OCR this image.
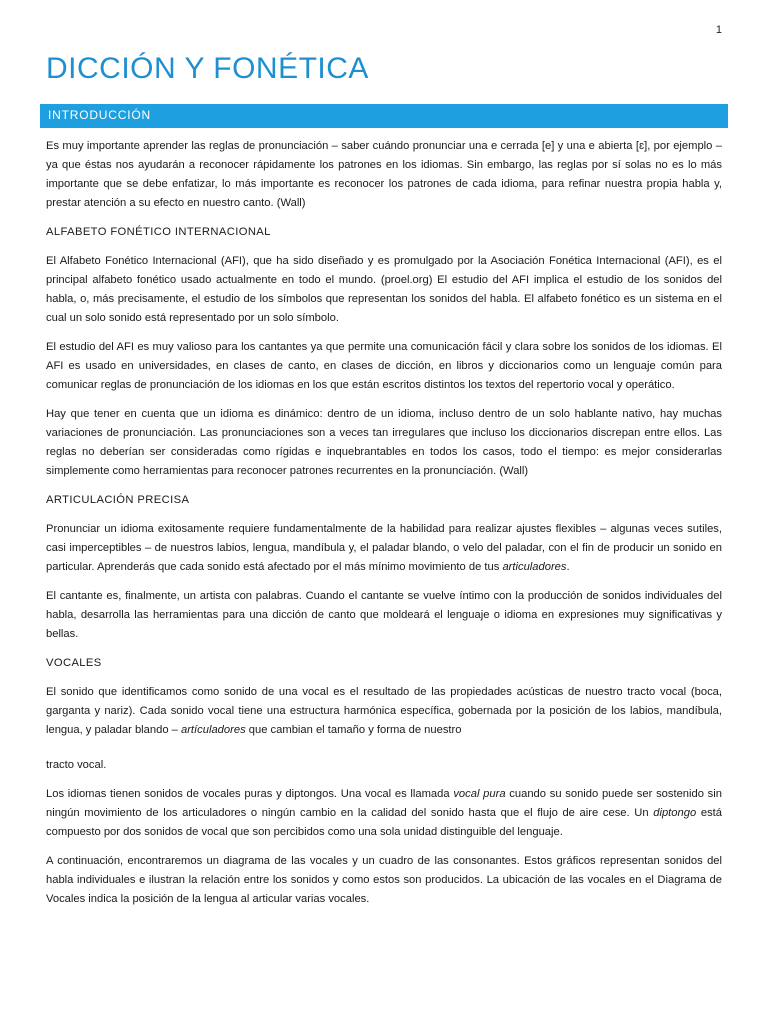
1
DICCIÓN Y FONÉTICA
INTRODUCCIÓN

Es muy importante aprender las reglas de pronunciación – saber cuándo pronunciar una e cerrada [e] y una e abierta [ɛ], por ejemplo – ya que éstas nos ayudarán a reconocer rápidamente los patrones en los idiomas. Sin embargo, las reglas por sí solas no es lo más importante que se debe enfatizar, lo más importante es reconocer los patrones de cada idioma, para refinar nuestra propia habla y, prestar atención a su efecto en nuestro canto. (Wall)

ALFABETO FONÉTICO INTERNACIONAL

El Alfabeto Fonético Internacional (AFI), que ha sido diseñado y es promulgado por la Asociación Fonética Internacional (AFI), es el principal alfabeto fonético usado actualmente en todo el mundo. (proel.org) El estudio del AFI implica el estudio de los sonidos del habla, o, más precisamente, el estudio de los símbolos que representan los sonidos del habla. El alfabeto fonético es un sistema en el cual un solo sonido está representado por un solo símbolo.

El estudio del AFI es muy valioso para los cantantes ya que permite una comunicación fácil y clara sobre los sonidos de los idiomas. El AFI es usado en universidades, en clases de canto, en clases de dicción, en libros y diccionarios como un lenguaje común para comunicar reglas de pronunciación de los idiomas en los que están escritos distintos los textos del repertorio vocal y operático.

Hay que tener en cuenta que un idioma es dinámico: dentro de un idioma, incluso dentro de un solo hablante nativo, hay muchas variaciones de pronunciación. Las pronunciaciones son a veces tan irregulares que incluso los diccionarios discrepan entre ellos. Las reglas no deberían ser consideradas como rígidas e inquebrantables en todos los casos, todo el tiempo: es mejor considerarlas simplemente como herramientas para reconocer patrones recurrentes en la pronunciación. (Wall)

ARTICULACIÓN PRECISA

Pronunciar un idioma exitosamente requiere fundamentalmente de la habilidad para realizar ajustes flexibles – algunas veces sutiles, casi imperceptibles – de nuestros labios, lengua, mandíbula y, el paladar blando, o velo del paladar, con el fin de producir un sonido en particular. Aprenderás que cada sonido está afectado por el más mínimo movimiento de tus articuladores.

El cantante es, finalmente, un artista con palabras. Cuando el cantante se vuelve íntimo con la producción de sonidos individuales del habla, desarrolla las herramientas para una dicción de canto que moldeará el lenguaje o idioma en expresiones muy significativas y bellas.

VOCALES

El sonido que identificamos como sonido de una vocal es el resultado de las propiedades acústicas de nuestro tracto vocal (boca, garganta y nariz). Cada sonido vocal tiene una estructura harmónica específica, gobernada por la posición de los labios, mandíbula, lengua, y paladar blando – artículadores que cambian el tamaño y forma de nuestro

tracto vocal.

Los idiomas tienen sonidos de vocales puras y diptongos. Una vocal es llamada vocal pura cuando su sonido puede ser sostenido sin ningún movimiento de los articuladores o ningún cambio en la calidad del sonido hasta que el flujo de aire cese. Un diptongo está compuesto por dos sonidos de vocal que son percibidos como una sola unidad distinguible del lenguaje.

A continuación, encontraremos un diagrama de las vocales y un cuadro de las consonantes. Estos gráficos representan sonidos del habla individuales e ilustran la relación entre los sonidos y como estos son producidos. La ubicación de las vocales en el Diagrama de Vocales indica la posición de la lengua al articular varias vocales.
